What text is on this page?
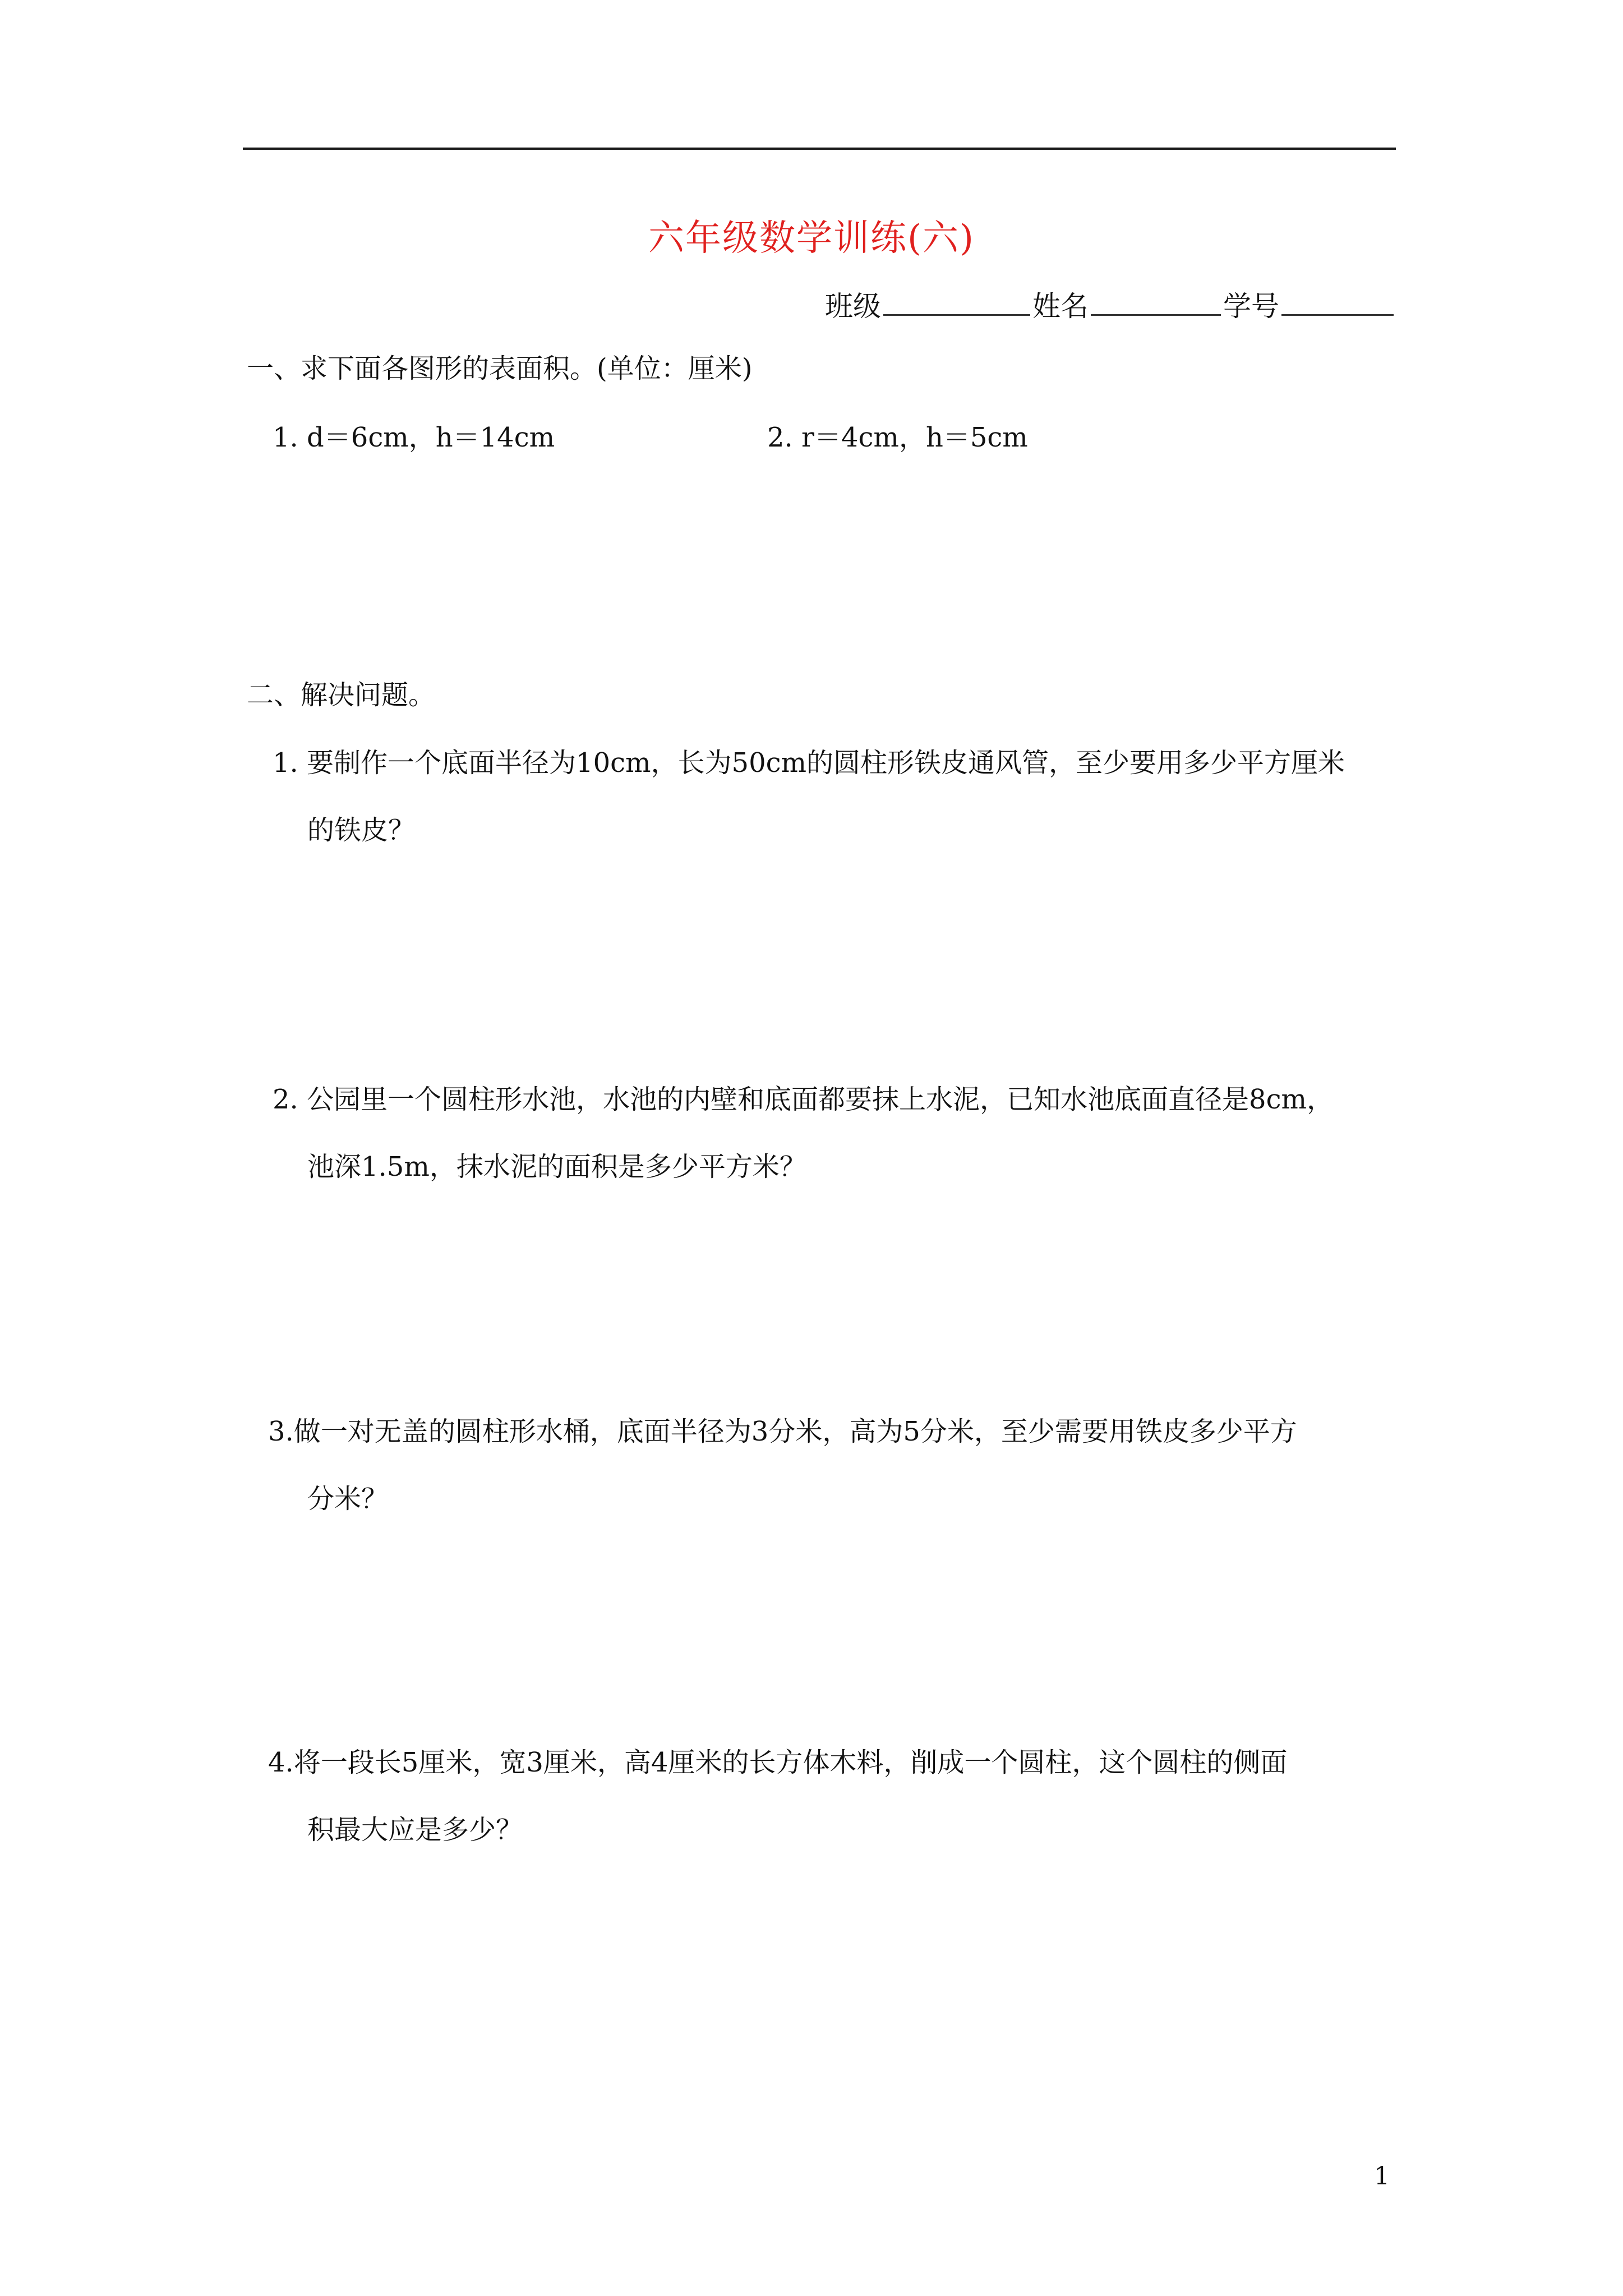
六年级数学训练(六)
班级	姓名	学号
一、求下面各图形的表面积。(单位：厘米)
1. d＝6cm，h＝14cm	2. r＝4cm，h＝5cm
二、解决问题。
1. 要制作一个底面半径为10cm，长为50cm的圆柱形铁皮通风管，至少要用多少平方厘米
的铁皮？
2. 公园里一个圆柱形水池，水池的内壁和底面都要抹上水泥，已知水池底面直径是8cm，
池深1.5m，抹水泥的面积是多少平方米？
3.做一对无盖的圆柱形水桶，底面半径为3分米，高为5分米，至少需要用铁皮多少平方
分米？
4.将一段长5厘米，宽3厘米，高4厘米的长方体木料，削成一个圆柱，这个圆柱的侧面
积最大应是多少？
1
